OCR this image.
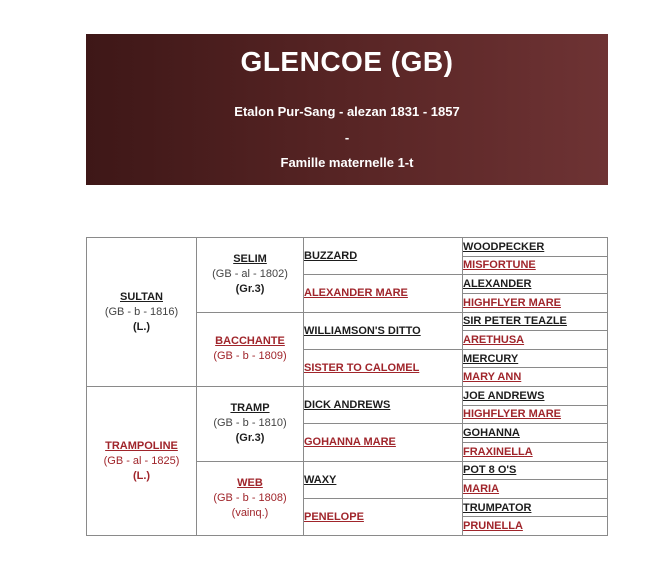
GLENCOE (GB)
Etalon Pur-Sang - alezan 1831 - 1857
-
Famille maternelle 1-t
SULTAN
(GB - b - 1816)
(L.)	SELIM
(GB - al - 1802)
(Gr.3)	BUZZARD	WOODPECKER

			MISFORTUNE

		ALEXANDER MARE	ALEXANDER

			HIGHFLYER MARE

	BACCHANTE
(GB - b - 1809)	WILLIAMSON'S DITTO	SIR PETER TEAZLE

			ARETHUSA

		SISTER TO CALOMEL	MERCURY

			MARY ANN

TRAMPOLINE
(GB - al - 1825)
(L.)	TRAMP
(GB - b - 1810)
(Gr.3)	DICK ANDREWS	JOE ANDREWS

			HIGHFLYER MARE

		GOHANNA MARE	GOHANNA

			FRAXINELLA

	WEB
(GB - b - 1808)
(vainq.)	WAXY	POT 8 O'S

			MARIA

		PENELOPE	TRUMPATOR

			PRUNELLA
